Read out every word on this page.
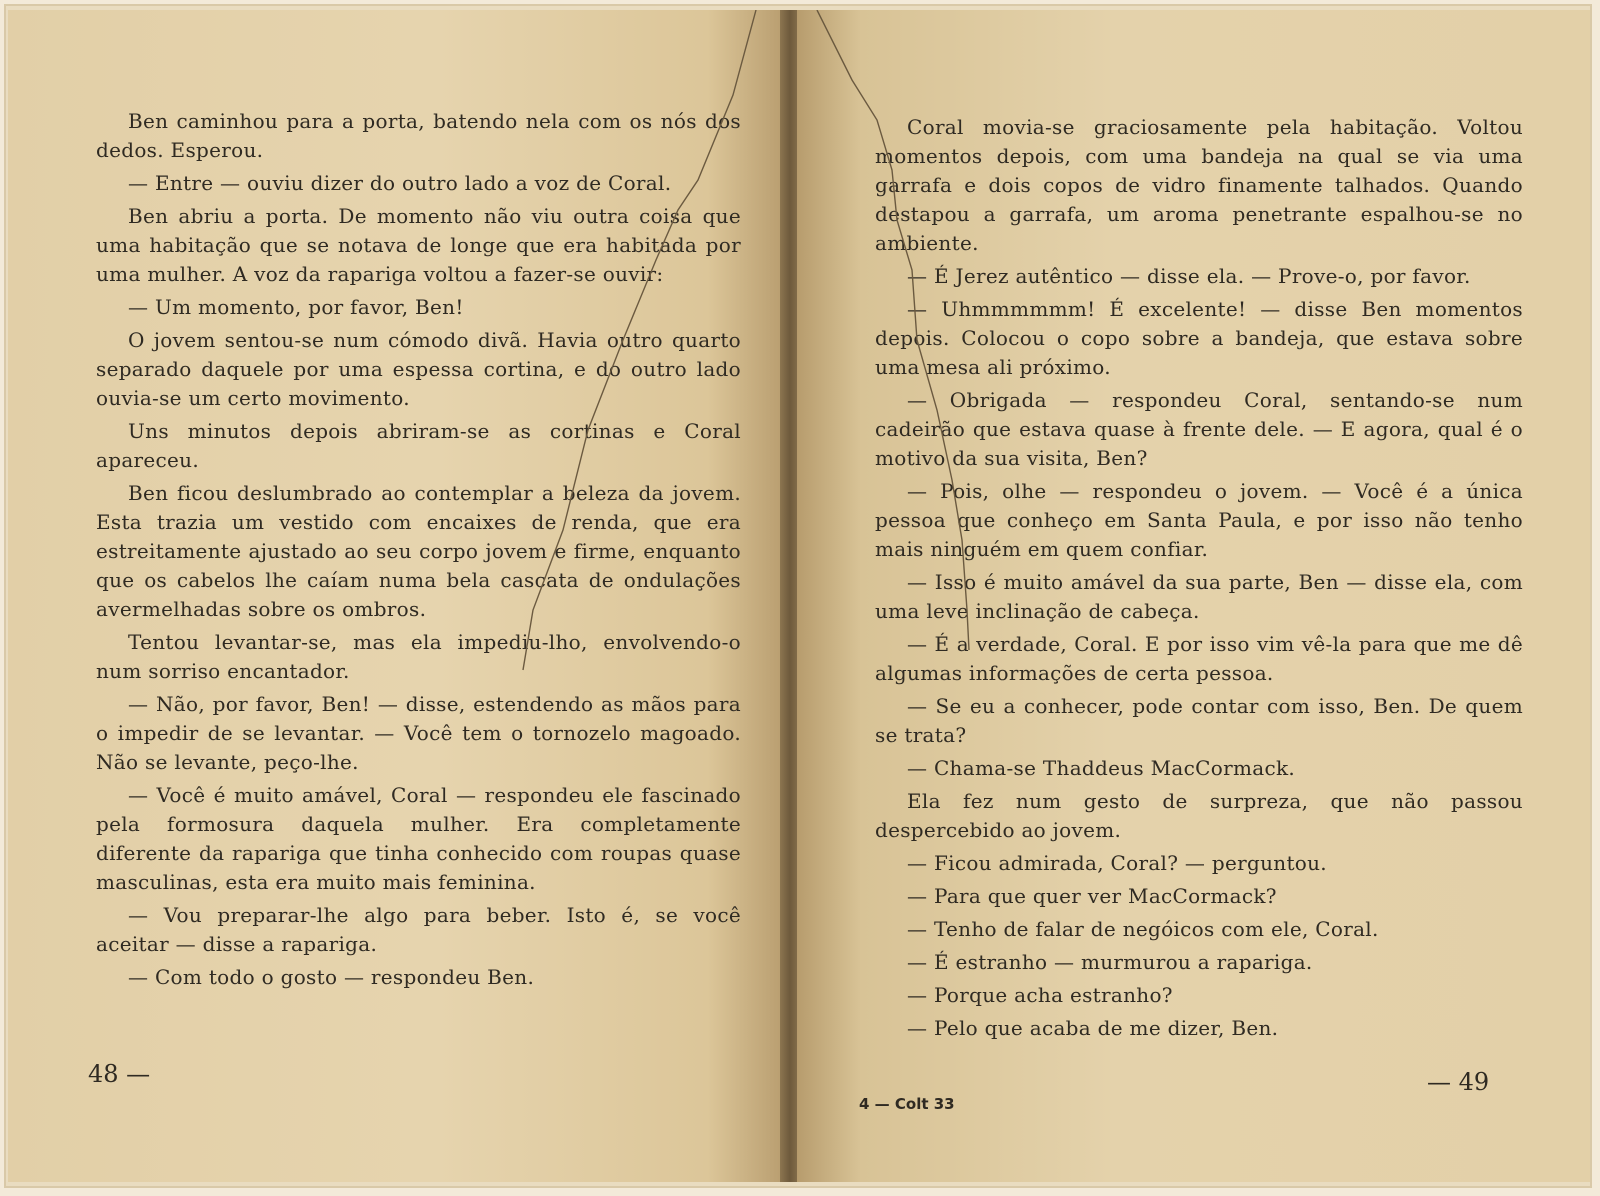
Ben caminhou para a porta, batendo nela com os nós dos dedos. Esperou.

— Entre — ouviu dizer do outro lado a voz de Coral.

Ben abriu a porta. De momento não viu outra coisa que uma habitação que se notava de longe que era habitada por uma mulher. A voz da rapariga voltou a fazer-se ouvir:

— Um momento, por favor, Ben!

O jovem sentou-se num cómodo divã. Havia outro quarto separado daquele por uma espessa cortina, e do outro lado ouvia-se um certo movimento.

Uns minutos depois abriram-se as cortinas e Coral apareceu.

Ben ficou deslumbrado ao contemplar a beleza da jovem. Esta trazia um vestido com encaixes de renda, que era estreitamente ajustado ao seu corpo jovem e firme, enquanto que os cabelos lhe caíam numa bela cascata de ondulações avermelhadas sobre os ombros.

Tentou levantar-se, mas ela impediu-lho, envolvendo-o num sorriso encantador.

— Não, por favor, Ben! — disse, estendendo as mãos para o impedir de se levantar. — Você tem o tornozelo magoado. Não se levante, peço-lhe.

— Você é muito amável, Coral — respondeu ele fascinado pela formosura daquela mulher. Era completamente diferente da rapariga que tinha conhecido com roupas quase masculinas, esta era muito mais feminina.

— Vou preparar-lhe algo para beber. Isto é, se você aceitar — disse a rapariga.

— Com todo o gosto — respondeu Ben.

48 —

Coral movia-se graciosamente pela habitação. Voltou momentos depois, com uma bandeja na qual se via uma garrafa e dois copos de vidro finamente talhados. Quando destapou a garrafa, um aroma penetrante espalhou-se no ambiente.

— É Jerez autêntico — disse ela. — Prove-o, por favor.

— Uhmmmmmm! É excelente! — disse Ben momentos depois. Colocou o copo sobre a bandeja, que estava sobre uma mesa ali próximo.

— Obrigada — respondeu Coral, sentando-se num cadeirão que estava quase à frente dele. — E agora, qual é o motivo da sua visita, Ben?

— Pois, olhe — respondeu o jovem. — Você é a única pessoa que conheço em Santa Paula, e por isso não tenho mais ninguém em quem confiar.

— Isso é muito amável da sua parte, Ben — disse ela, com uma leve inclinação de cabeça.

— É a verdade, Coral. E por isso vim vê-la para que me dê algumas informações de certa pessoa.

— Se eu a conhecer, pode contar com isso, Ben. De quem se trata?

— Chama-se Thaddeus MacCormack.

Ela fez num gesto de surpreza, que não passou despercebido ao jovem.

— Ficou admirada, Coral? — perguntou.

— Para que quer ver MacCormack?

— Tenho de falar de negóicos com ele, Coral.

— É estranho — murmurou a rapariga.

— Porque acha estranho?

— Pelo que acaba de me dizer, Ben.

4 — Colt 33
— 49
